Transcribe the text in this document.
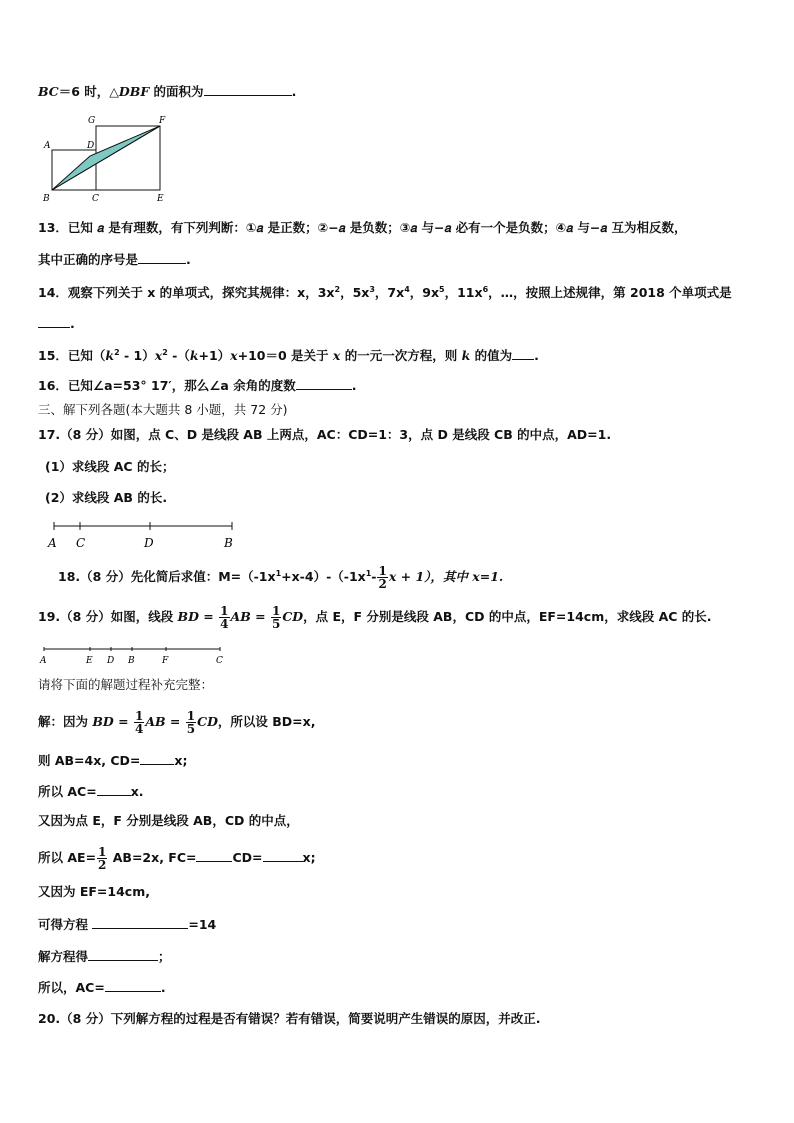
BC＝6 时，△DBF 的面积为	.
A
B	C
D
E
F
G
13．已知 𝑎 是有理数，有下列判断：①𝑎 是正数；②−𝑎 是负数；③𝑎 与−𝑎 必有一个是负数；④𝑎 与−𝑎 互为相反数，
其中正确的序号是	.
14．观察下列关于 x 的单项式，探究其规律：x，$3x^2$，$5x^3$，$7x^4$，$9x^5$，$11x^6$，…，按照上述规律，第 2018 个单项式是
.
15．已知$(k^2 - 1)x^2$ -（k+1）x+10＝0 是关于 x 的一元一次方程，则 k 的值为 .
16．已知∠a=53° 17′，那么∠a 余角的度数	.
三、解下列各题(本大题共 8 小题，共 72 分)
17.（8 分）如图，点 C、D 是线段 AB 上两点，AC：CD=1：3，点 D 是线段 CB 的中点，AD=1.
(1）求线段 AC 的长；
(2）求线段 AB 的长.
A C	D	B
18.（8 分）先化简后求值：$M=(-1x^1+x-4)-(-1x^1- \frac{1}{2}$ x + 1），其中 x=1.
19.（8 分）如图，线段 BD = $\frac{1}{4}$ AB = $\frac{1}{5}$ CD，点 E，F 分别是线段 AB，CD 的中点，EF=14cm，求线段 AC 的长.
A	E D B	F	C
请将下面的解题过程补充完整：
解：因为 BD = $\frac{1}{4}$ AB = $\frac{1}{5}$ CD，所以设 BD=x,
则 AB=4x, CD=	x;
所以 AC=	x.
又因为点 E，F 分别是线段 AB，CD 的中点，
所以 $AE= \frac{1}{2} AB=2x$, FC=	CD=	x;
又因为 EF=14cm,
可得方程	=14
解方程得	；
所以，AC=	.
20.（8 分）下列解方程的过程是否有错误？若有错误，简要说明产生错误的原因，并改正.
